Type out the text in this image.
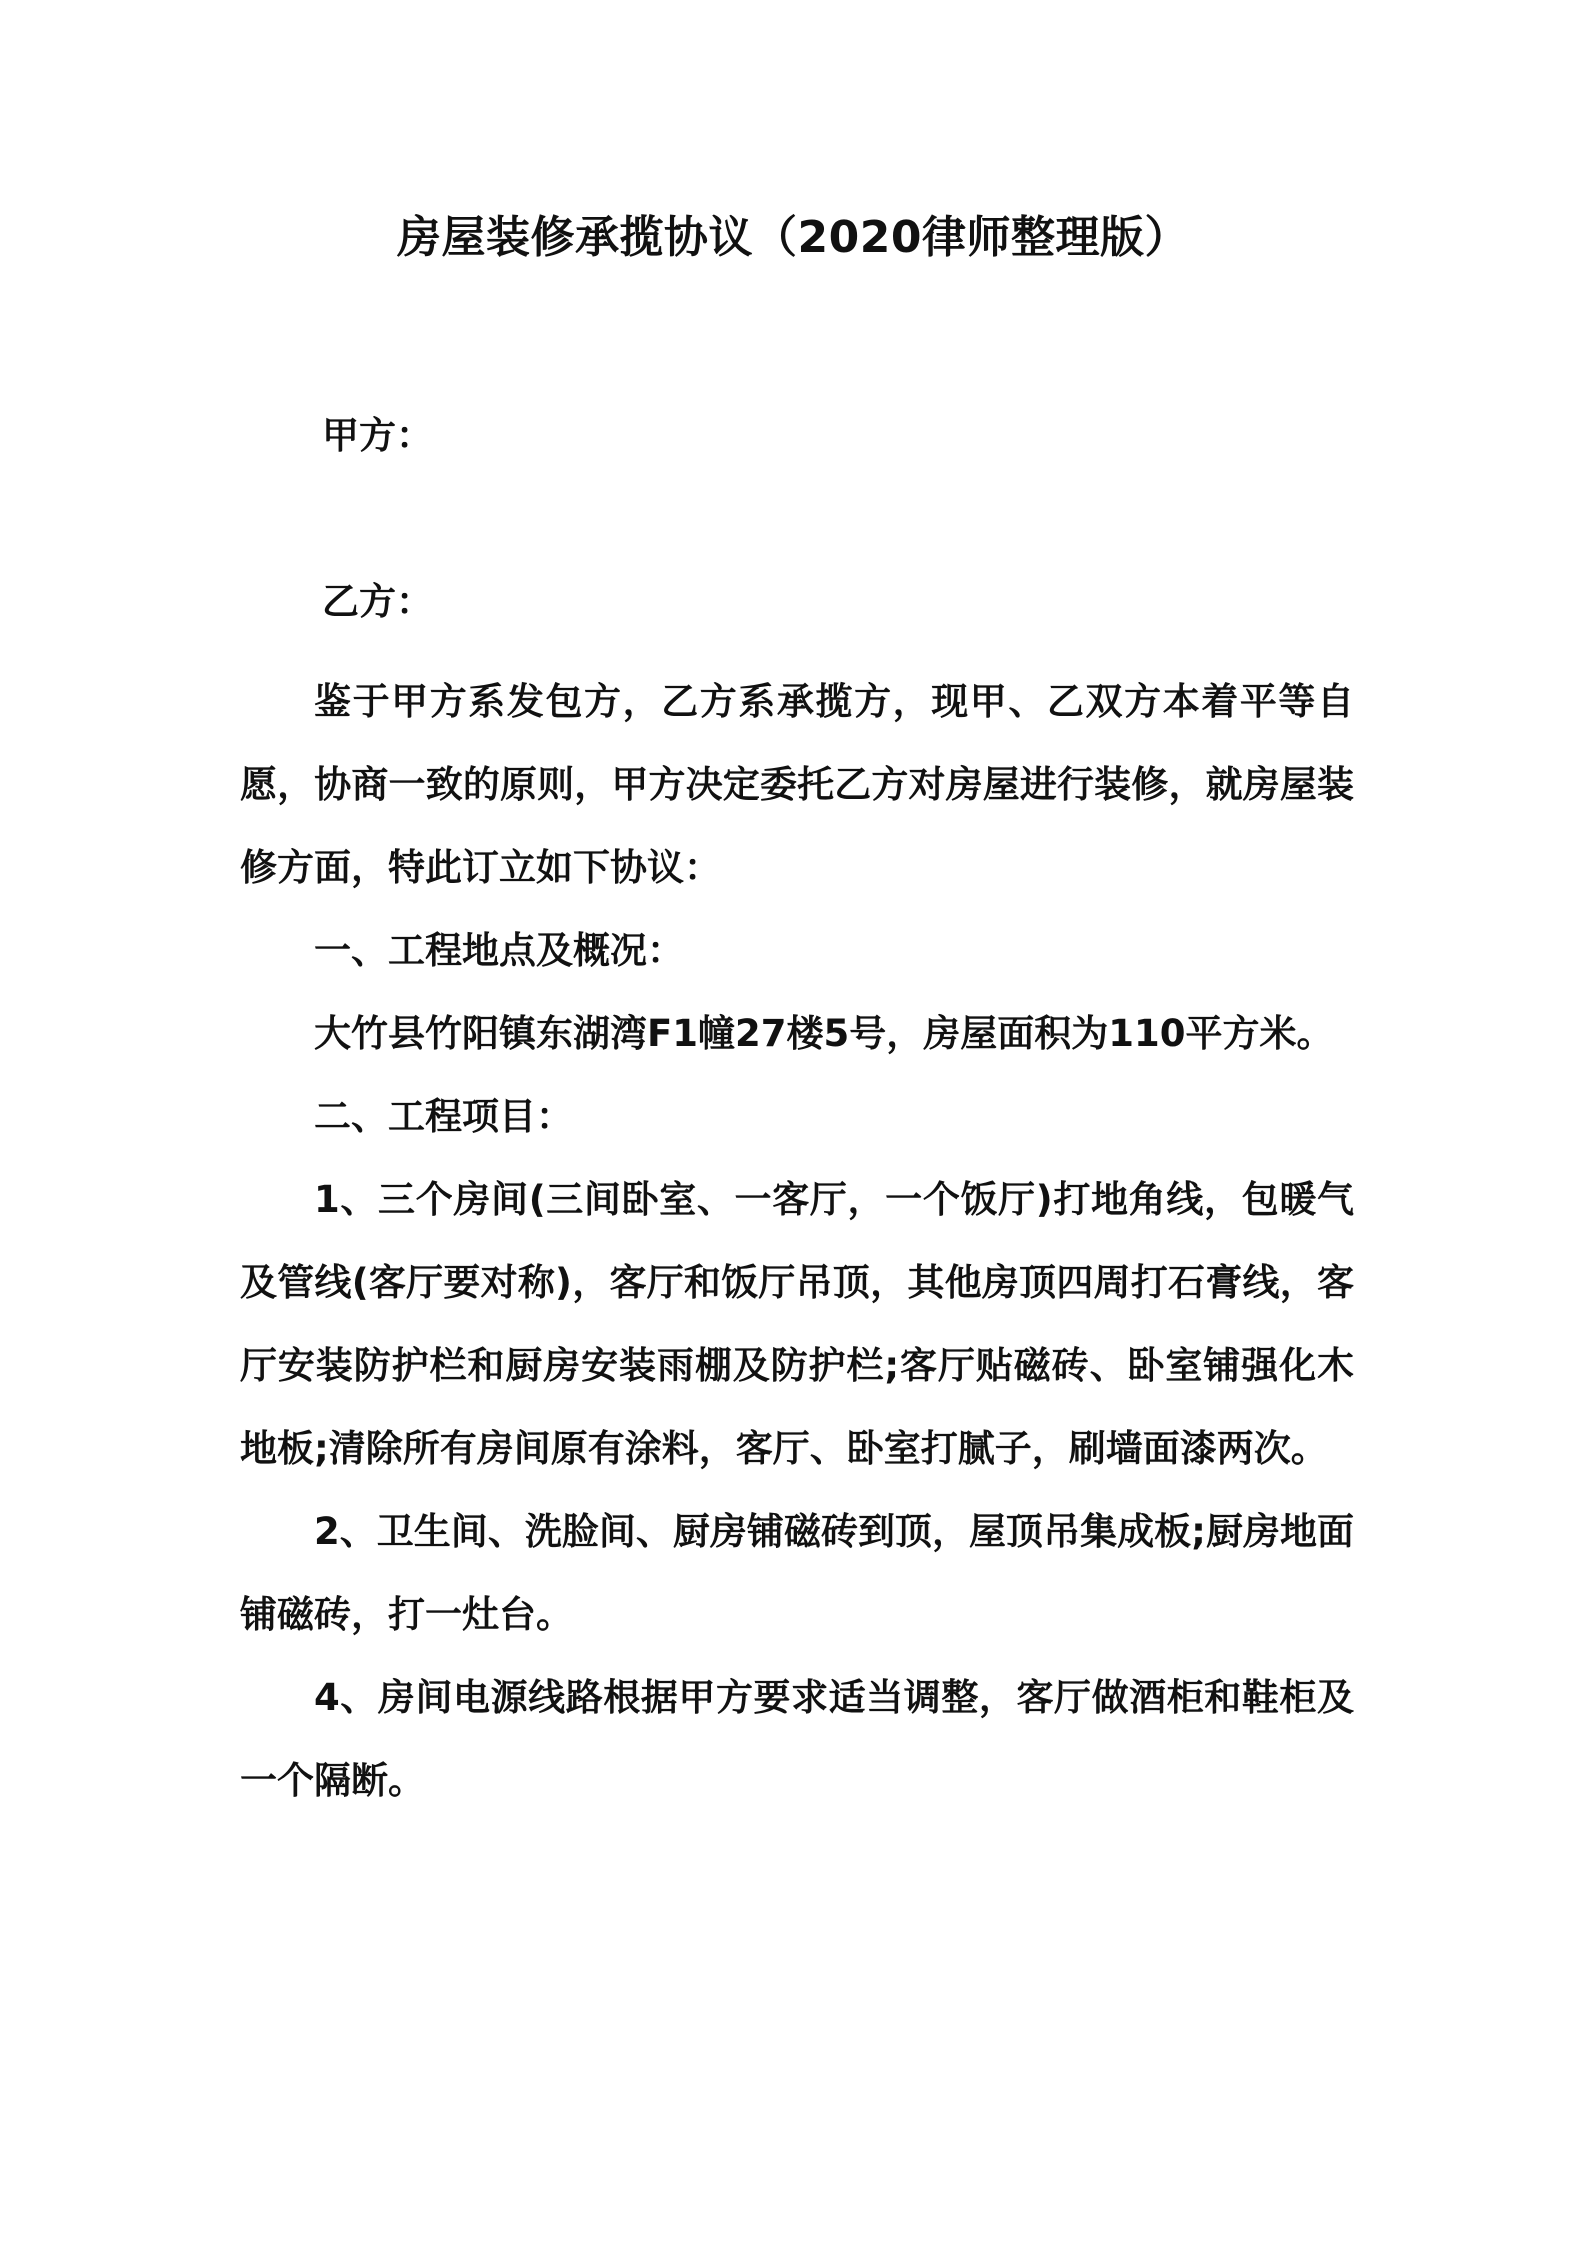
房屋装修承揽协议（2020律师整理版）

甲方：

乙方：

鉴于甲方系发包方，乙方系承揽方，现甲、乙双方本着平等自愿，协商一致的原则，甲方决定委托乙方对房屋进行装修，就房屋装修方面，特此订立如下协议：

一、工程地点及概况：

大竹县竹阳镇东湖湾F1幢27楼5号，房屋面积为110平方米。

二、工程项目：

1、三个房间(三间卧室、一客厅，一个饭厅)打地角线，包暖气及管线(客厅要对称)，客厅和饭厅吊顶，其他房顶四周打石膏线，客厅安装防护栏和厨房安装雨棚及防护栏;客厅贴磁砖、卧室铺强化木地板;清除所有房间原有涂料，客厅、卧室打腻子，刷墙面漆两次。

2、卫生间、洗脸间、厨房铺磁砖到顶，屋顶吊集成板;厨房地面铺磁砖，打一灶台。

4、房间电源线路根据甲方要求适当调整，客厅做酒柜和鞋柜及一个隔断。
